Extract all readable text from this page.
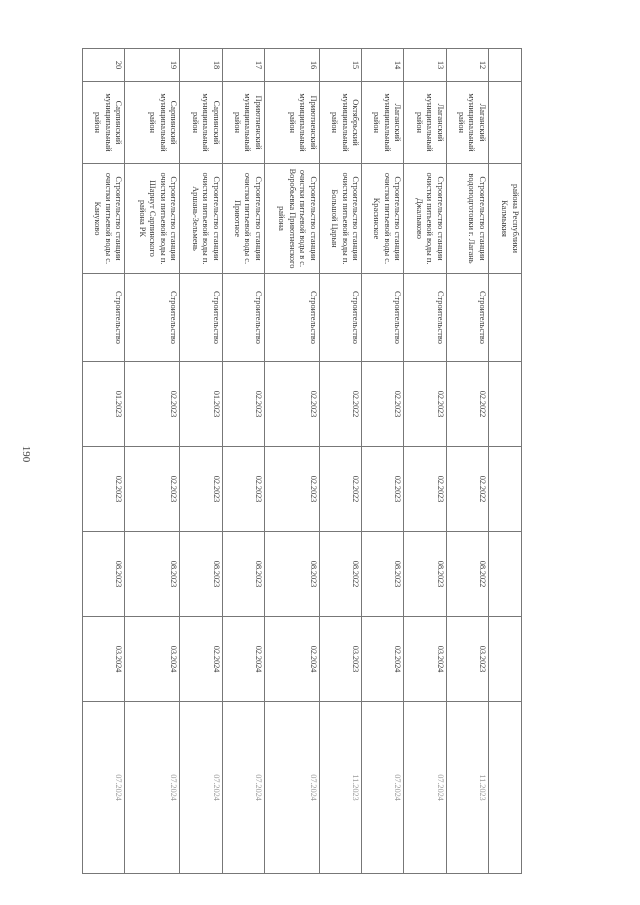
190
		района Республики Калмыкия						
12	Лаганский муниципальный район	Строительство станции водоподготовки г. Лагань	Строительство	02.2022	02.2022	08.2022	03.2023	11.2023
13	Лаганский муниципальный район	Строительство станции очистки питьевой воды п. Джалыково	Строительство	02.2023	02.2023	08.2023	03.2024	07.2024
14	Лаганский муниципальный район	Строительство станции очистки питьевой воды с. Красинское	Строительство	02.2023	02.2023	08.2023	02.2024	07.2024
15	Октябрьский муниципальный район	Строительство станции очистки питьевой воды п. Большой Царын	Строительство	02.2022	02.2022	08.2022	03.2023	11.2023
16	Приютненский муниципальный район	Строительство станции очистки питьевой воды в с. Воробьевка Приютненского района	Строительство	02.2023	02.2023	08.2023	02.2024	07.2024
17	Приютненский муниципальный район	Строительство станции очистки питьевой воды с. Приютное	Строительство	02.2023	02.2023	08.2023	02.2024	07.2024
18	Сарпинский муниципальный район	Строительство станции очистки питьевой воды п. Аршань-Зельмень	Строительство	01.2023	02.2023	08.2023	02.2024	07.2024
19	Сарпинский муниципальный район	Строительство станции очистки питьевой воды п. Шарнут Сарпинского района РК	Строительство	02.2023	02.2023	08.2023	03.2024	07.2024
20	Сарпинский муниципальный район	Строительство станции очистки питьевой воды с. Кануково	Строительство	01.2023	02.2023	08.2023	03.2024	07.2024
